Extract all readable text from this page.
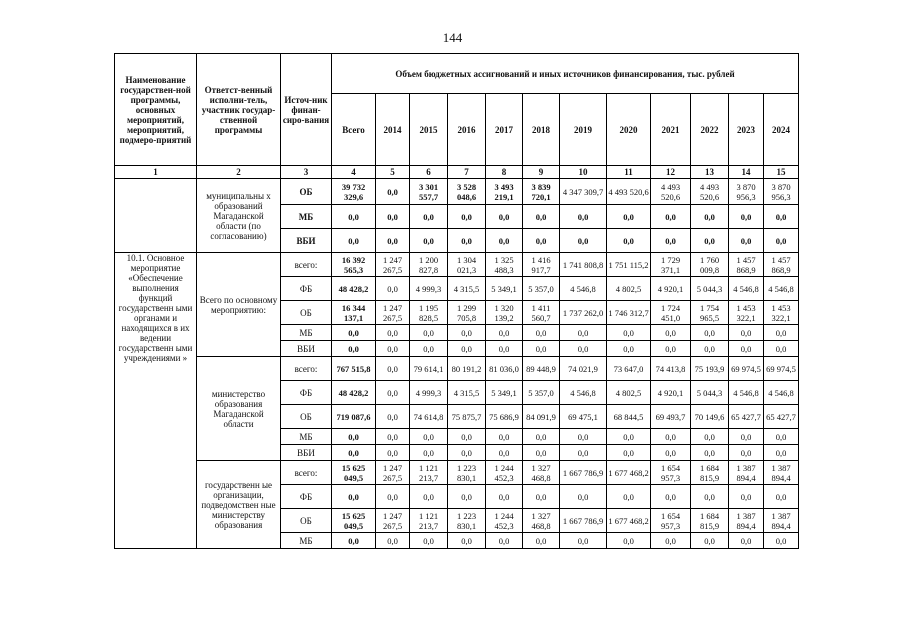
144
Наименование государствен-ной программы, основных мероприятий, мероприятий, подмеро-приятий	Ответст-венный исполни-тель, участник государ-ственной программы	Источ-ник финан-сиро-вания	Объем бюджетных ассигнований и иных источников финансирования, тыс. рублей											
			Всего	2014	2015	2016	2017	2018	2019	2020	2021	2022	2023	2024
1	2	3	4	5	6	7	8	9	10	11	12	13	14	15
	муниципальны х образований Магаданской области (по согласованию)	ОБ	39 732 329,6	0,0	3 301 557,7	3 528 048,6	3 493 219,1	3 839 720,1	4 347 309,7	4 493 520,6	4 493 520,6	4 493 520,6	3 870 956,3	3 870 956,3
		МБ	0,0	0,0	0,0	0,0	0,0	0,0	0,0	0,0	0,0	0,0	0,0	0,0
		ВБИ	0,0	0,0	0,0	0,0	0,0	0,0	0,0	0,0	0,0	0,0	0,0	0,0
10.1. Основное мероприятие «Обеспечение выполнения функций государственн ыми органами и находящихся в их ведении государственн ыми учреждениями »	Всего по основному мероприятию:	всего:	16 392 565,3	1 247 267,5	1 200 827,8	1 304 021,3	1 325 488,3	1 416 917,7	1 741 808,8	1 751 115,2	1 729 371,1	1 760 009,8	1 457 868,9	1 457 868,9
		ФБ	48 428,2	0,0	4 999,3	4 315,5	5 349,1	5 357,0	4 546,8	4 802,5	4 920,1	5 044,3	4 546,8	4 546,8
		ОБ	16 344 137,1	1 247 267,5	1 195 828,5	1 299 705,8	1 320 139,2	1 411 560,7	1 737 262,0	1 746 312,7	1 724 451,0	1 754 965,5	1 453 322,1	1 453 322,1
		МБ	0,0	0,0	0,0	0,0	0,0	0,0	0,0	0,0	0,0	0,0	0,0	0,0
		ВБИ	0,0	0,0	0,0	0,0	0,0	0,0	0,0	0,0	0,0	0,0	0,0	0,0
	министерство образования Магаданской области	всего:	767 515,8	0,0	79 614,1	80 191,2	81 036,0	89 448,9	74 021,9	73 647,0	74 413,8	75 193,9	69 974,5	69 974,5
		ФБ	48 428,2	0,0	4 999,3	4 315,5	5 349,1	5 357,0	4 546,8	4 802,5	4 920,1	5 044,3	4 546,8	4 546,8
		ОБ	719 087,6	0,0	74 614,8	75 875,7	75 686,9	84 091,9	69 475,1	68 844,5	69 493,7	70 149,6	65 427,7	65 427,7
		МБ	0,0	0,0	0,0	0,0	0,0	0,0	0,0	0,0	0,0	0,0	0,0	0,0
		ВБИ	0,0	0,0	0,0	0,0	0,0	0,0	0,0	0,0	0,0	0,0	0,0	0,0
	государственн ые организации, подведомствен ные министерству образования	всего:	15 625 049,5	1 247 267,5	1 121 213,7	1 223 830,1	1 244 452,3	1 327 468,8	1 667 786,9	1 677 468,2	1 654 957,3	1 684 815,9	1 387 894,4	1 387 894,4
		ФБ	0,0	0,0	0,0	0,0	0,0	0,0	0,0	0,0	0,0	0,0	0,0	0,0
		ОБ	15 625 049,5	1 247 267,5	1 121 213,7	1 223 830,1	1 244 452,3	1 327 468,8	1 667 786,9	1 677 468,2	1 654 957,3	1 684 815,9	1 387 894,4	1 387 894,4
		МБ	0,0	0,0	0,0	0,0	0,0	0,0	0,0	0,0	0,0	0,0	0,0	0,0
